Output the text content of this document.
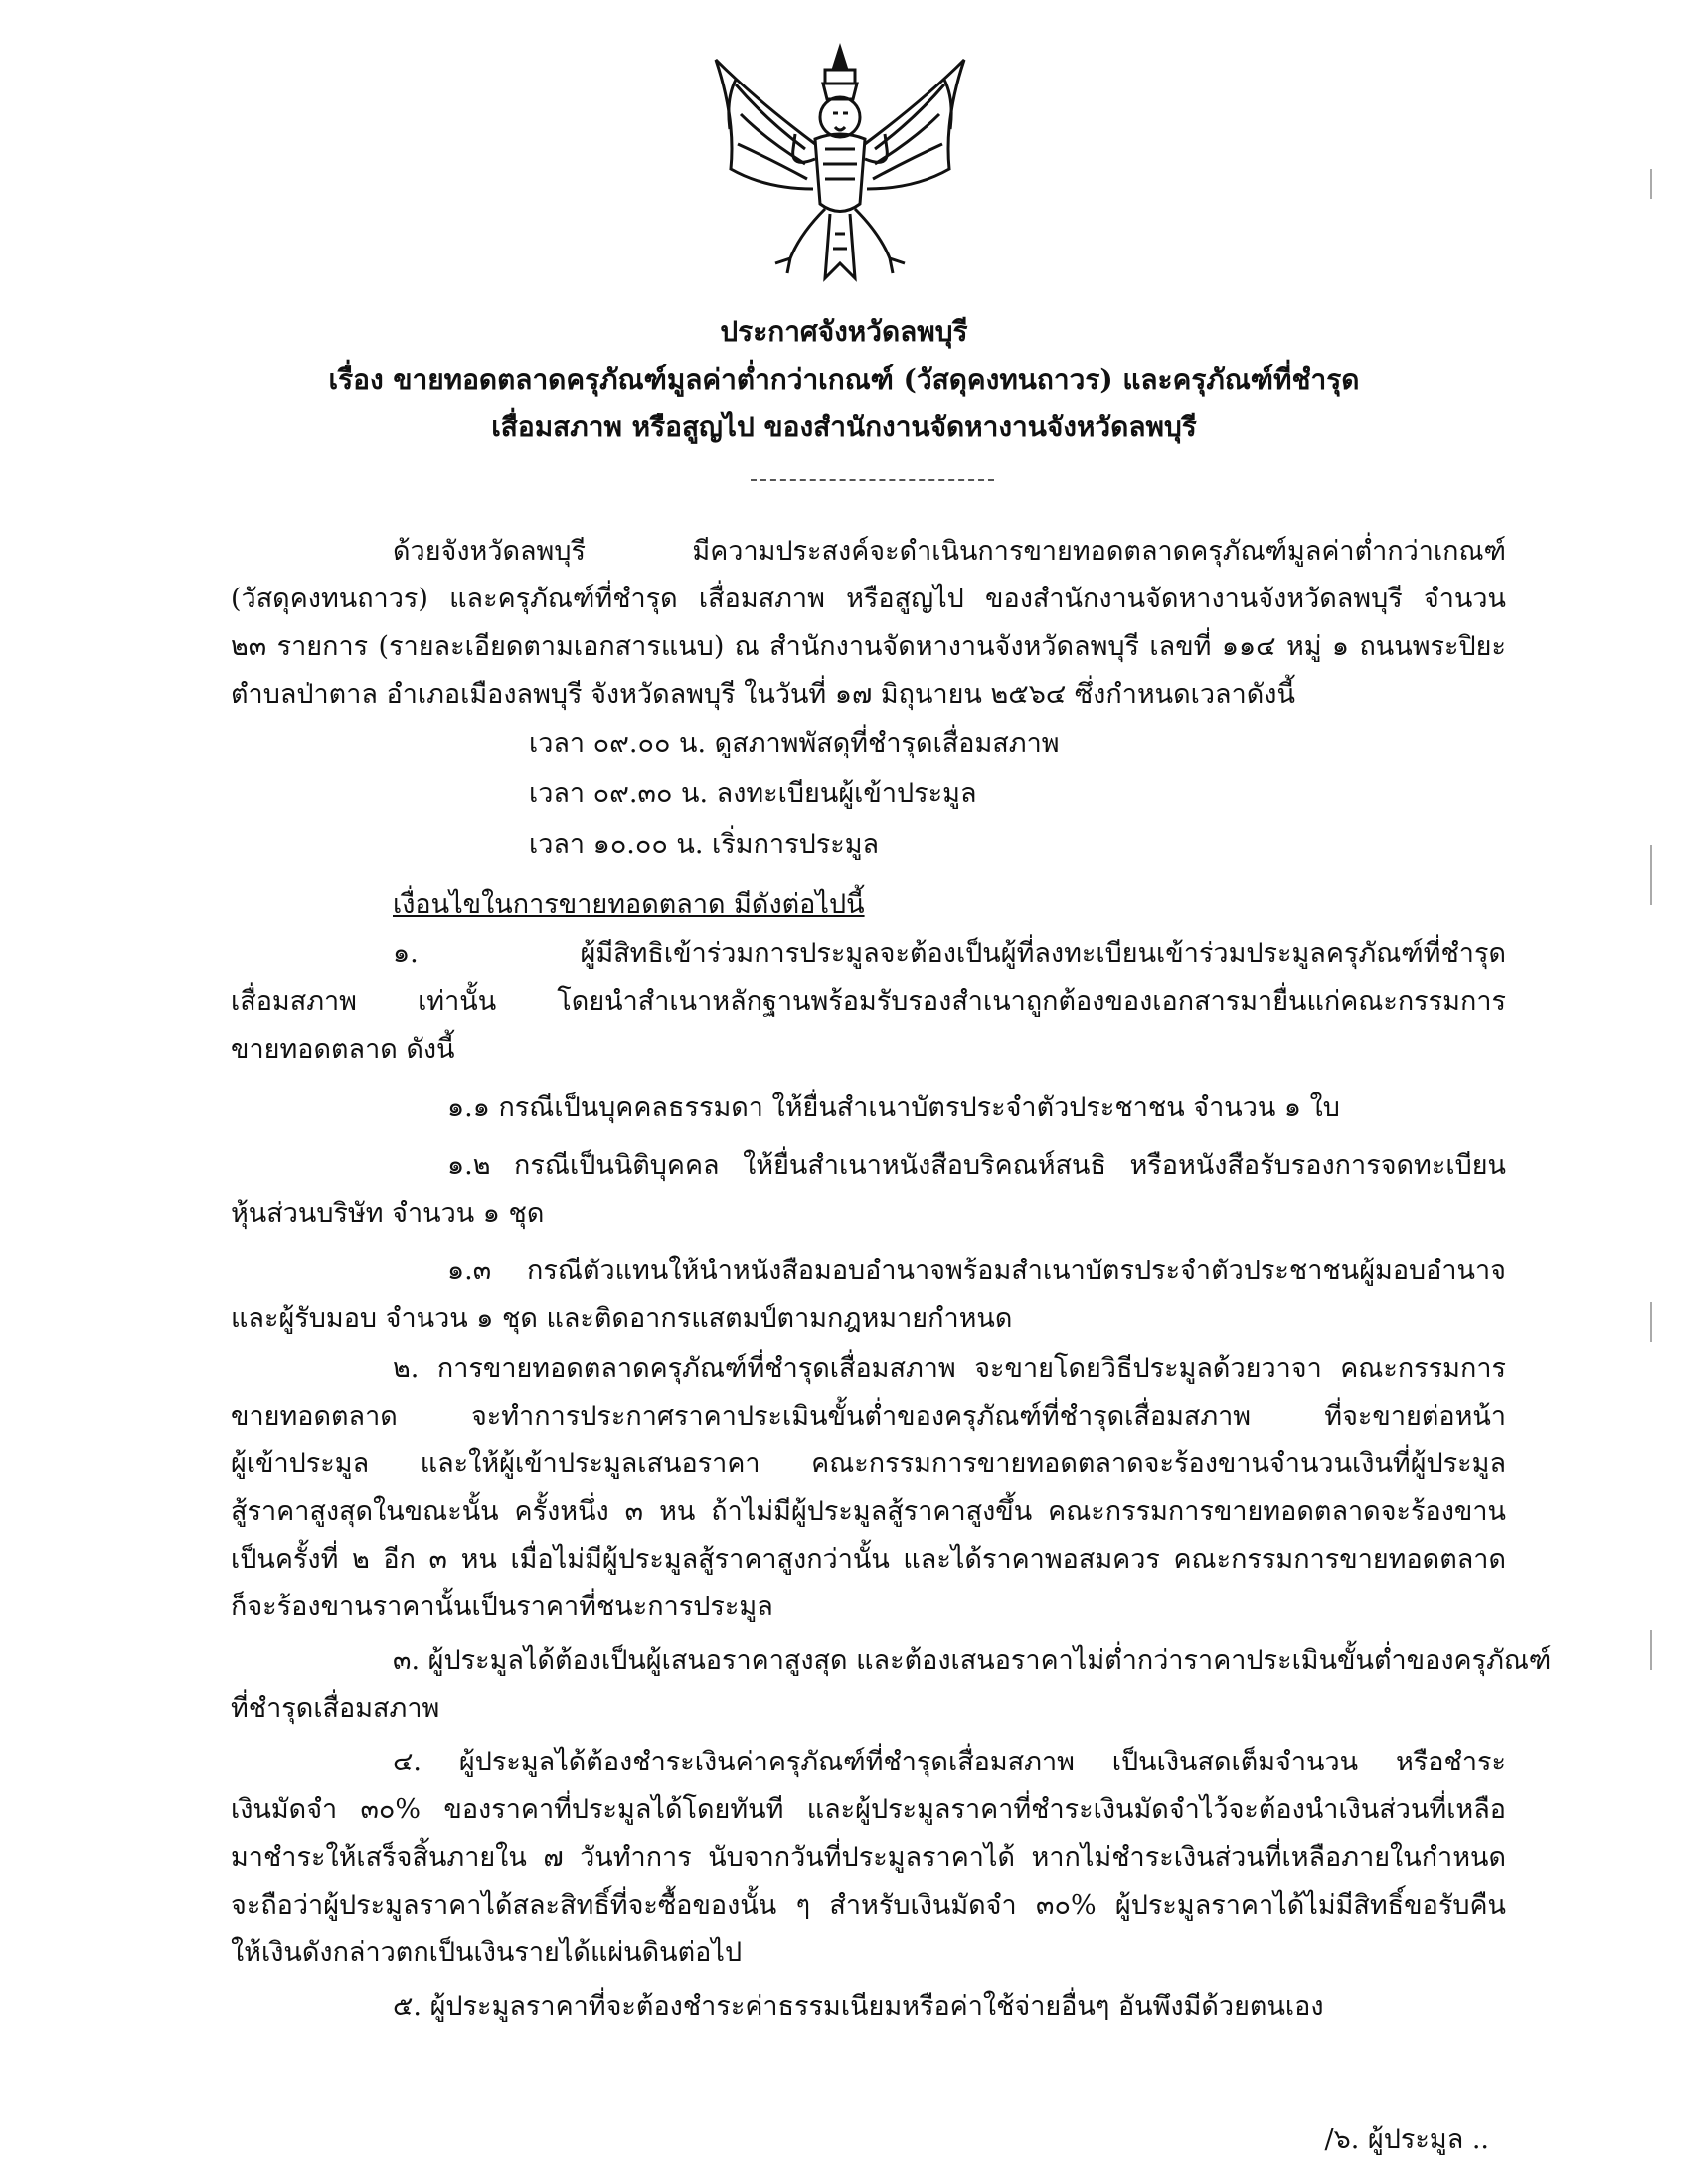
ประกาศจังหวัดลพบุรี
เรื่อง ขายทอดตลาดครุภัณฑ์มูลค่าต่ำกว่าเกณฑ์ (วัสดุคงทนถาวร) และครุภัณฑ์ที่ชำรุด
เสื่อมสภาพ หรือสูญไป ของสำนักงานจัดหางานจังหวัดลพบุรี
ด้วยจังหวัดลพบุรี มีความประสงค์จะดำเนินการขายทอดตลาดครุภัณฑ์มูลค่าต่ำกว่าเกณฑ์
(วัสดุคงทนถาวร) และครุภัณฑ์ที่ชำรุด เสื่อมสภาพ หรือสูญไป ของสำนักงานจัดหางานจังหวัดลพบุรี จำนวน
๒๓ รายการ (รายละเอียดตามเอกสารแนบ) ณ สำนักงานจัดหางานจังหวัดลพบุรี เลขที่ ๑๑๔ หมู่ ๑ ถนนพระปิยะ
ตำบลป่าตาล อำเภอเมืองลพบุรี จังหวัดลพบุรี ในวันที่ ๑๗ มิถุนายน ๒๕๖๔ ซึ่งกำหนดเวลาดังนี้
เวลา ๐๙.๐๐ น. ดูสภาพพัสดุที่ชำรุดเสื่อมสภาพ
เวลา ๐๙.๓๐ น. ลงทะเบียนผู้เข้าประมูล
เวลา ๑๐.๐๐ น. เริ่มการประมูล
เงื่อนไขในการขายทอดตลาด มีดังต่อไปนี้
๑. ผู้มีสิทธิเข้าร่วมการประมูลจะต้องเป็นผู้ที่ลงทะเบียนเข้าร่วมประมูลครุภัณฑ์ที่ชำรุด
เสื่อมสภาพ เท่านั้น โดยนำสำเนาหลักฐานพร้อมรับรองสำเนาถูกต้องของเอกสารมายื่นแก่คณะกรรมการ
ขายทอดตลาด ดังนี้
๑.๑ กรณีเป็นบุคคลธรรมดา ให้ยื่นสำเนาบัตรประจำตัวประชาชน จำนวน ๑ ใบ
๑.๒ กรณีเป็นนิติบุคคล ให้ยื่นสำเนาหนังสือบริคณห์สนธิ หรือหนังสือรับรองการจดทะเบียน
หุ้นส่วนบริษัท จำนวน ๑ ชุด
๑.๓ กรณีตัวแทนให้นำหนังสือมอบอำนาจพร้อมสำเนาบัตรประจำตัวประชาชนผู้มอบอำนาจ
และผู้รับมอบ จำนวน ๑ ชุด และติดอากรแสตมป์ตามกฎหมายกำหนด
๒. การขายทอดตลาดครุภัณฑ์ที่ชำรุดเสื่อมสภาพ จะขายโดยวิธีประมูลด้วยวาจา คณะกรรมการ
ขายทอดตลาด จะทำการประกาศราคาประเมินขั้นต่ำของครุภัณฑ์ที่ชำรุดเสื่อมสภาพ ที่จะขายต่อหน้า
ผู้เข้าประมูล และให้ผู้เข้าประมูลเสนอราคา คณะกรรมการขายทอดตลาดจะร้องขานจำนวนเงินที่ผู้ประมูล
สู้ราคาสูงสุดในขณะนั้น ครั้งหนึ่ง ๓ หน ถ้าไม่มีผู้ประมูลสู้ราคาสูงขึ้น คณะกรรมการขายทอดตลาดจะร้องขาน
เป็นครั้งที่ ๒ อีก ๓ หน เมื่อไม่มีผู้ประมูลสู้ราคาสูงกว่านั้น และได้ราคาพอสมควร คณะกรรมการขายทอดตลาด
ก็จะร้องขานราคานั้นเป็นราคาที่ชนะการประมูล
๓. ผู้ประมูลได้ต้องเป็นผู้เสนอราคาสูงสุด และต้องเสนอราคาไม่ต่ำกว่าราคาประเมินขั้นต่ำของครุภัณฑ์
ที่ชำรุดเสื่อมสภาพ
๔. ผู้ประมูลได้ต้องชำระเงินค่าครุภัณฑ์ที่ชำรุดเสื่อมสภาพ เป็นเงินสดเต็มจำนวน หรือชำระ
เงินมัดจำ ๓๐% ของราคาที่ประมูลได้โดยทันที และผู้ประมูลราคาที่ชำระเงินมัดจำไว้จะต้องนำเงินส่วนที่เหลือ
มาชำระให้เสร็จสิ้นภายใน ๗ วันทำการ นับจากวันที่ประมูลราคาได้ หากไม่ชำระเงินส่วนที่เหลือภายในกำหนด
จะถือว่าผู้ประมูลราคาได้สละสิทธิ์ที่จะซื้อของนั้น ๆ สำหรับเงินมัดจำ ๓๐% ผู้ประมูลราคาได้ไม่มีสิทธิ์ขอรับคืน
ให้เงินดังกล่าวตกเป็นเงินรายได้แผ่นดินต่อไป
๕. ผู้ประมูลราคาที่จะต้องชำระค่าธรรมเนียมหรือค่าใช้จ่ายอื่นๆ อันพึงมีด้วยตนเอง
/๖. ผู้ประมูล ..
